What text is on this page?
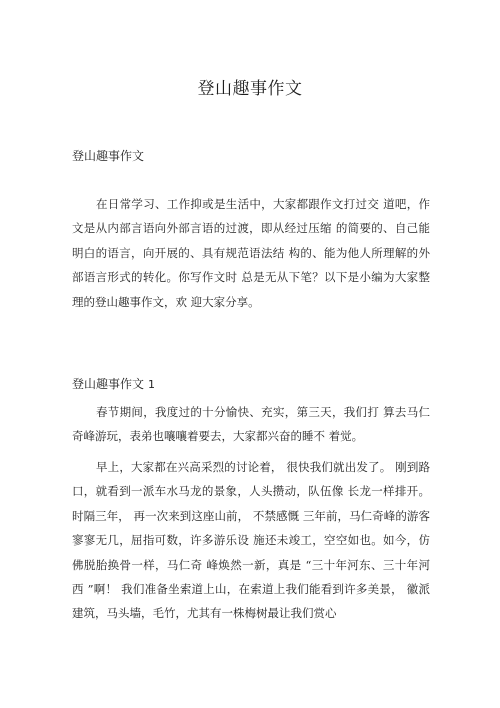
登山趣事作文
登山趣事作文

在日常学习、工作抑或是生活中，大家都跟作文打过交 道吧，作文是从内部言语向外部言语的过渡，即从经过压缩 的简要的、自己能明白的语言，向开展的、具有规范语法结 构的、能为他人所理解的外部语言形式的转化。你写作文时 总是无从下笔？以下是小编为大家整理的登山趣事作文，欢 迎大家分享。

登山趣事作文 1

春节期间，我度过的十分愉快、充实，第三天，我们打 算去马仁奇峰游玩，表弟也嚷嚷着要去，大家都兴奋的睡不 着觉。

早上，大家都在兴高采烈的讨论着， 很快我们就出发了。 刚到路口，就看到一派车水马龙的景象，人头攒动，队伍像 长龙一样排开。 时隔三年， 再一次来到这座山前， 不禁感慨 三年前，马仁奇峰的游客寥寥无几，屈指可数，许多游乐设 施还未竣工，空空如也。如今，仿佛脱胎换骨一样，马仁奇 峰焕然一新，真是 “三十年河东、三十年河西 ”啊！ 我们准备坐索道上山，在索道上我们能看到许多美景， 徽派建筑，马头墙，毛竹，尤其有一株梅树最让我们赏心
